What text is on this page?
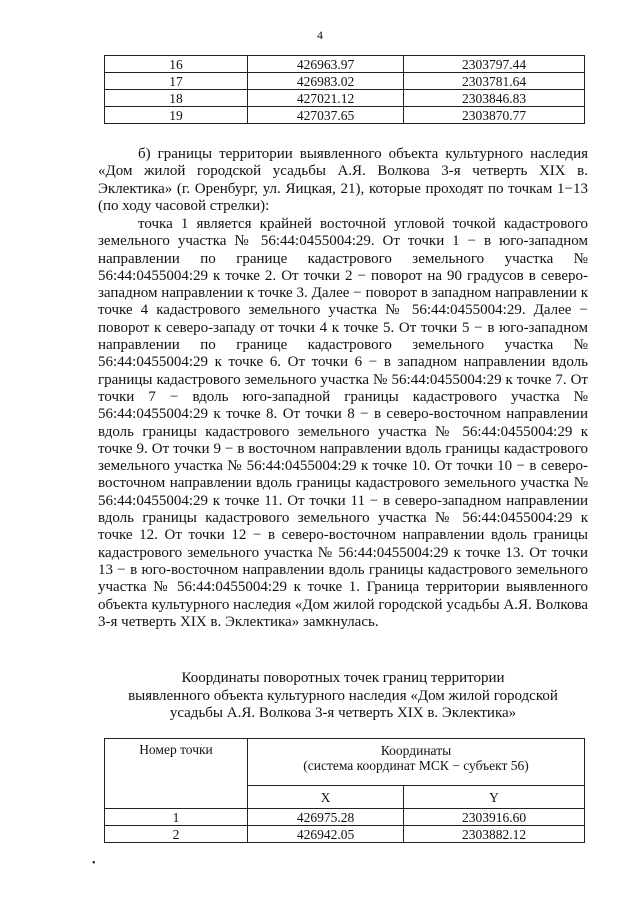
4
16	426963.97	2303797.44
17	426983.02	2303781.64
18	427021.12	2303846.83
19	427037.65	2303870.77

б) границы территории выявленного объекта культурного наследия «Дом жилой городской усадьбы А.Я. Волкова 3-я четверть XIX в. Эклектика» (г. Оренбург, ул. Яицкая, 21), которые проходят по точкам 1−13 (по ходу часовой стрелки):

точка 1 является крайней восточной угловой точкой кадастрового земельного участка № 56:44:0455004:29. От точки 1 − в юго-западном направлении по границе кадастрового земельного участка № 56:44:0455004:29 к точке 2. От точки 2 − поворот на 90 градусов в северо-западном направлении к точке 3. Далее − поворот в западном направлении к точке 4 кадастрового земельного участка № 56:44:0455004:29. Далее − поворот к северо-западу от точки 4 к точке 5. От точки 5 − в юго-западном направлении по границе кадастрового земельного участка № 56:44:0455004:29 к точке 6. От точки 6 − в западном направлении вдоль границы кадастрового земельного участка № 56:44:0455004:29 к точке 7. От точки 7 − вдоль юго-западной границы кадастрового участка № 56:44:0455004:29 к точке 8. От точки 8 − в северо-восточном направлении вдоль границы кадастрового земельного участка № 56:44:0455004:29 к точке 9. От точки 9 − в восточном направлении вдоль границы кадастрового земельного участка № 56:44:0455004:29 к точке 10. От точки 10 − в северо-восточном направлении вдоль границы кадастрового земельного участка № 56:44:0455004:29 к точке 11. От точки 11 − в северо-западном направлении вдоль границы кадастрового земельного участка № 56:44:0455004:29 к точке 12. От точки 12 − в северо-восточном направлении вдоль границы кадастрового земельного участка № 56:44:0455004:29 к точке 13. От точки 13 − в юго-восточном направлении вдоль границы кадастрового земельного участка № 56:44:0455004:29 к точке 1. Граница территории выявленного объекта культурного наследия «Дом жилой городской усадьбы А.Я. Волкова 3-я четверть XIX в. Эклектика» замкнулась.

Координаты поворотных точек границ территории
выявленного объекта культурного наследия «Дом жилой городской
усадьбы А.Я. Волкова 3-я четверть XIX в. Эклектика»
Номер точки	Координаты
(система координат МСК − субъект 56)	

	X	Y
1	426975.28	2303916.60
2	426942.05	2303882.12
•
